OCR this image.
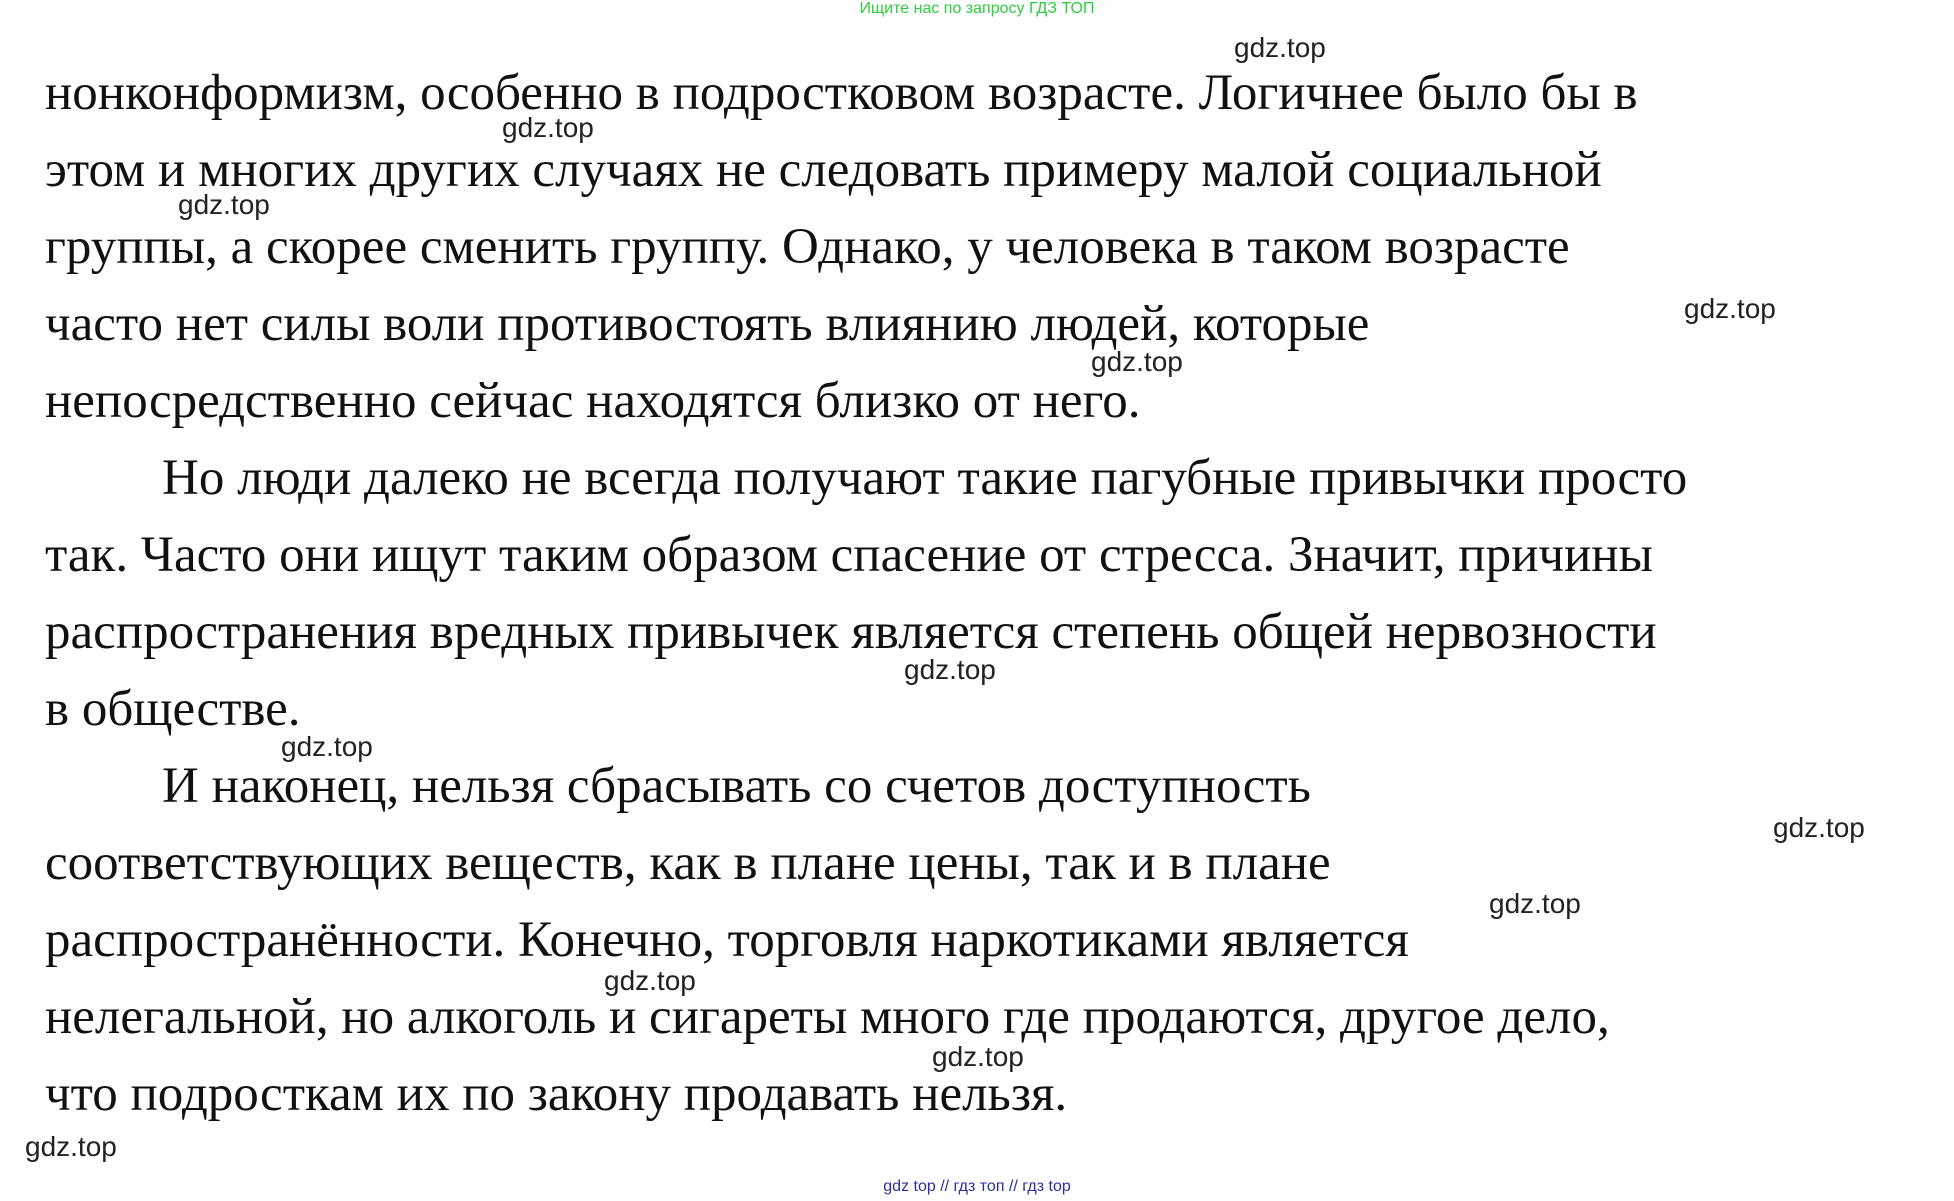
Ищите нас по запросу ГДЗ ТОП
нонконформизм, особенно в подростковом возрасте. Логичнее было бы в
этом и многих других случаях не следовать примеру малой социальной
группы, а скорее сменить группу. Однако, у человека в таком возрасте
часто нет силы воли противостоять влиянию людей, которые
непосредственно сейчас находятся близко от него.
Но люди далеко не всегда получают такие пагубные привычки просто
так. Часто они ищут таким образом спасение от стресса. Значит, причины
распространения вредных привычек является степень общей нервозности
в обществе.
И наконец, нельзя сбрасывать со счетов доступность
соответствующих веществ, как в плане цены, так и в плане
распространённости. Конечно, торговля наркотиками является
нелегальной, но алкоголь и сигареты много где продаются, другое дело,
что подросткам их по закону продавать нельзя.
gdz.top
gdz.top
gdz.top
gdz.top
gdz.top
gdz.top
gdz.top
gdz.top
gdz.top
gdz.top
gdz.top
gdz.top
gdz top // гдз топ // гдз top
